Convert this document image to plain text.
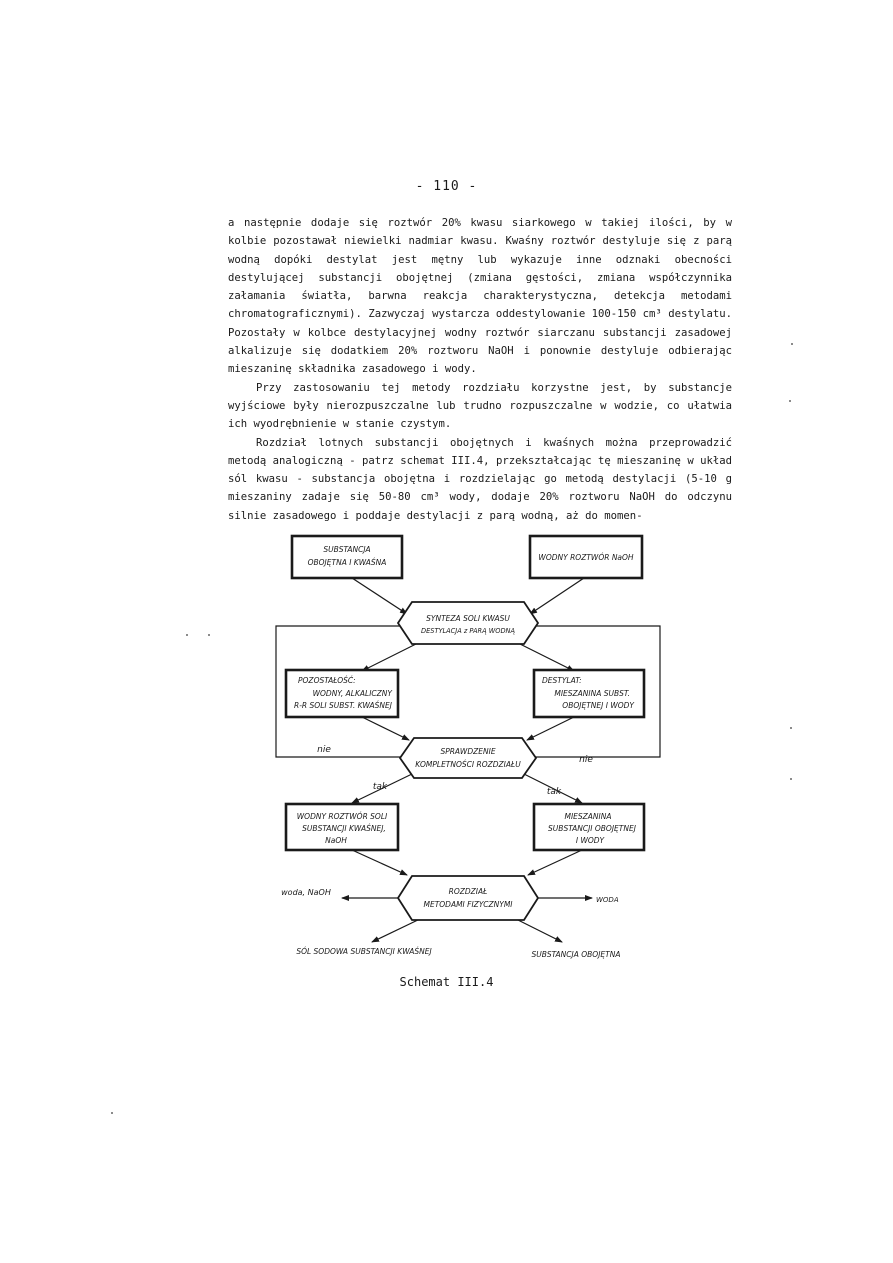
- 110 -

a następnie dodaje się roztwór 20% kwasu siarkowego w takiej ilości, by w kolbie pozostawał niewielki nadmiar kwasu. Kwaśny roztwór destyluje się z parą wodną dopóki destylat jest mętny lub wykazuje inne odznaki obecności destylującej substancji obojętnej (zmiana gęstości, zmiana współczynnika załamania światła, barwna reakcja charakterystyczna, detekcja metodami chromatograficznymi). Zazwyczaj wystarcza oddestylowanie 100-150 cm³ destylatu. Pozostały w kolbce destylacyjnej wodny roztwór siarczanu substancji zasadowej alkalizuje się dodatkiem 20% roztworu NaOH i ponownie destyluje odbierając mieszaninę składnika zasadowego i wody.

Przy zastosowaniu tej metody rozdziału korzystne jest, by substancje wyjściowe były nierozpuszczalne lub trudno rozpuszczalne w wodzie, co ułatwia ich wyodrębnienie w stanie czystym.

Rozdział lotnych substancji obojętnych i kwaśnych można przeprowadzić metodą analogiczną - patrz schemat III.4, przekształcając tę mieszaninę w układ sól kwasu - substancja obojętna i rozdzielając go metodą destylacji (5-10 g mieszaniny zadaje się 50-80 cm³ wody, dodaje 20% roztworu NaOH do odczynu silnie zasadowego i poddaje destylacji z parą wodną, aż do momen-

SUBSTANCJA
OBOJĘTNA I KWAŚNA
WODNY ROZTWÓR NaOH
SYNTEZA SOLI KWASU
DESTYLACJA z PARĄ WODNĄ
POZOSTAŁOŚĆ:
WODNY, ALKALICZNY
R-R SOLI SUBST. KWAŚNEJ
DESTYLAT:
MIESZANINA SUBST.
OBOJĘTNEJ I WODY
SPRAWDZENIE
KOMPLETNOŚCI ROZDZIAŁU
nie
nie
tak	tak
WODNY ROZTWÓR SOLI
SUBSTANCJI KWAŚNEJ,
NaOH
MIESZANINA
SUBSTANCJI OBOJĘTNEJ
I WODY
ROZDZIAŁ
METODAMI FIZYCZNYMI
woda, NaOH
WODA
SÓL SODOWA SUBSTANCJI KWAŚNEJ	SUBSTANCJA OBOJĘTNA
Schemat III.4
